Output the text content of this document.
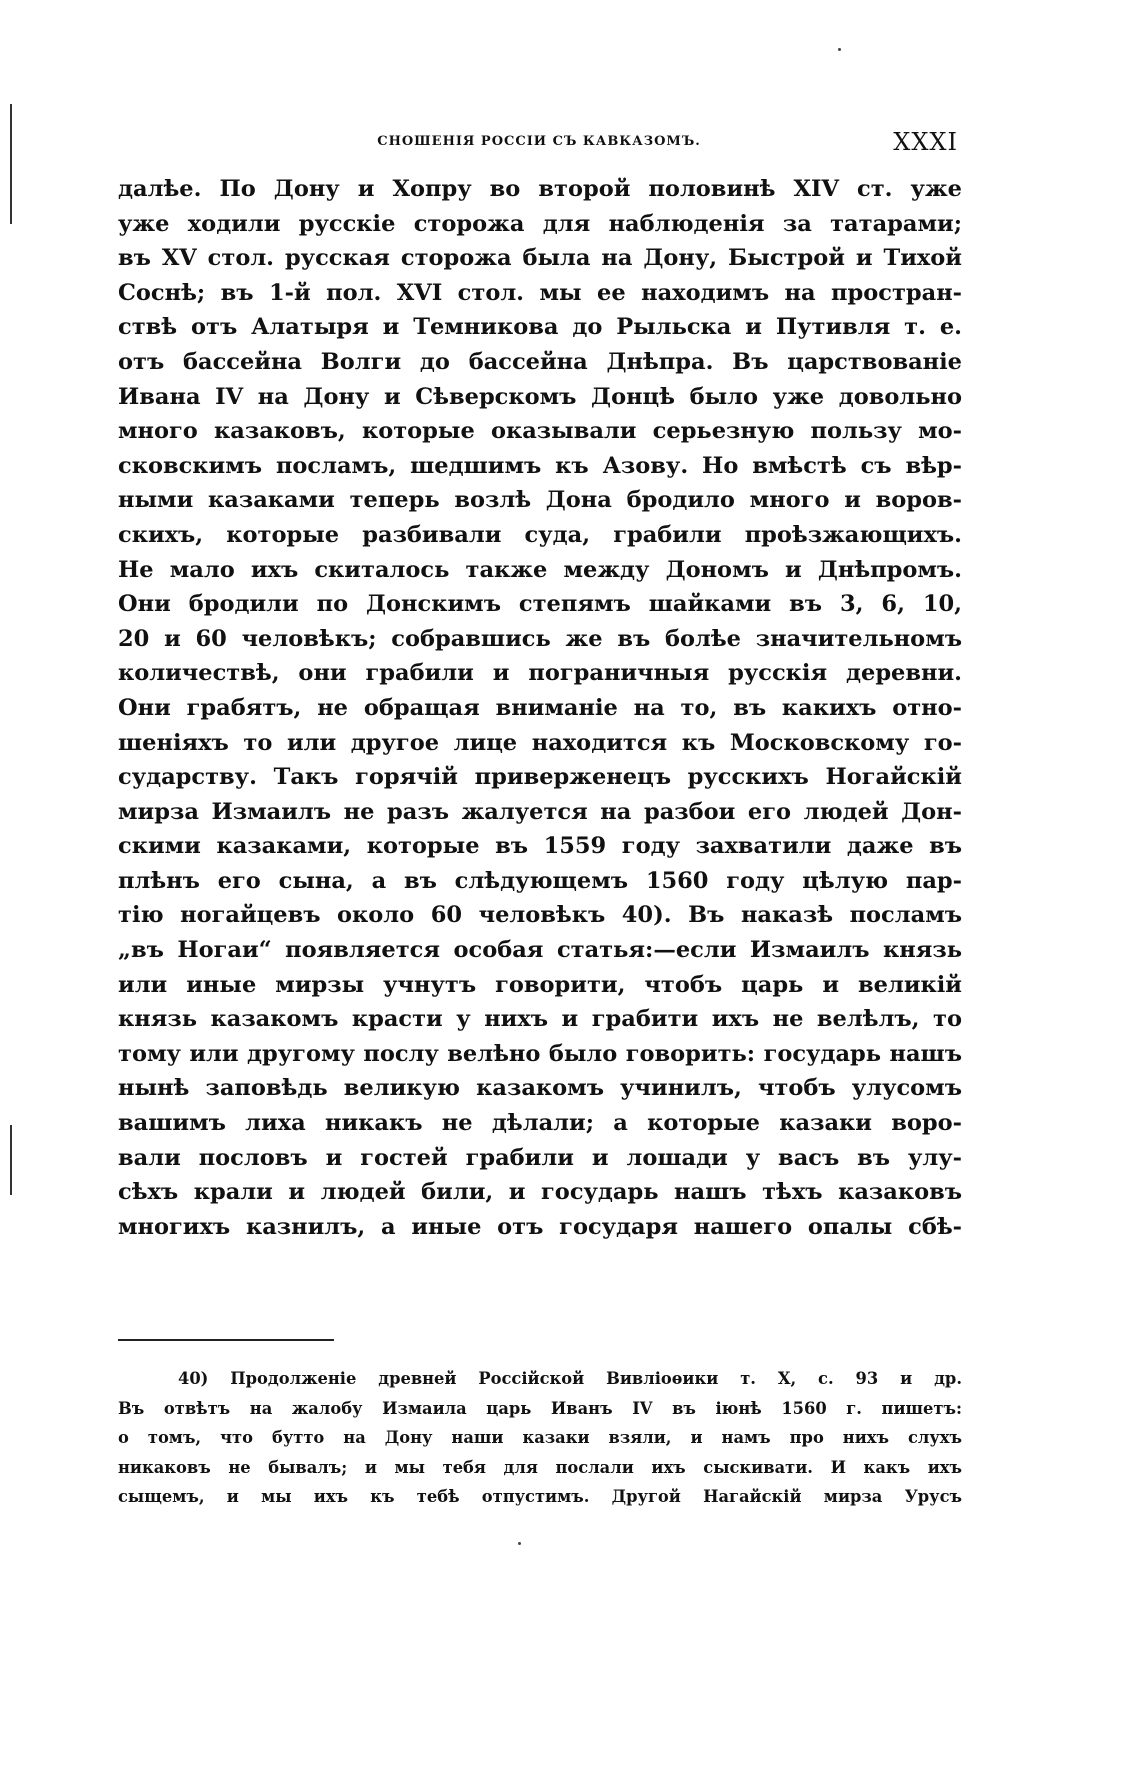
СНОШЕНІЯ РОССІИ СЪ КАВКАЗОМЪ.	XXXI
далѣе. По Дону и Хопру во второй половинѣ XIV ст. уже
уже ходили русскіе сторожа для наблюденія за татарами;
въ XV стол. русская сторожа была на Дону, Быстрой и Тихой
Соснѣ; въ 1-й пол. XVI стол. мы ее находимъ на простран-
ствѣ отъ Алатыря и Темникова до Рыльска и Путивля т. е.
отъ бассейна Волги до бассейна Днѣпра. Въ царствованіе
Ивана IV на Дону и Сѣверскомъ Донцѣ было уже довольно
много казаковъ, которые оказывали серьезную пользу мо-
сковскимъ посламъ, шедшимъ къ Азову. Но вмѣстѣ съ вѣр-
ными казаками теперь возлѣ Дона бродило много и воров-
скихъ, которые разбивали суда, грабили проѣзжающихъ.
Не мало ихъ скиталось также между Дономъ и Днѣпромъ.
Они бродили по Донскимъ степямъ шайками въ 3, 6, 10,
20 и 60 человѣкъ; собравшись же въ болѣе значительномъ
количествѣ, они грабили и пограничныя русскія деревни.
Они грабятъ, не обращая вниманіе на то, въ какихъ отно-
шеніяхъ то или другое лице находится къ Московскому го-
сударству. Такъ горячій приверженецъ русскихъ Ногайскій
мирза Измаилъ не разъ жалуется на разбои его людей Дон-
скими казаками, которые въ 1559 году захватили даже въ
плѣнъ его сына, а въ слѣдующемъ 1560 году цѣлую пар-
тію ногайцевъ около 60 человѣкъ 40). Въ наказѣ посламъ
„въ Ногаи“ появляется особая статья:—если Измаилъ князь
или иные мирзы учнутъ говорити, чтобъ царь и великій
князь казакомъ красти у нихъ и грабити ихъ не велѣлъ, то
тому или другому послу велѣно было говорить: государь нашъ
нынѣ заповѣдь великую казакомъ учинилъ, чтобъ улусомъ
вашимъ лиха никакъ не дѣлали; а которые казаки воро-
вали пословъ и гостей грабили и лошади у васъ въ улу-
сѣхъ крали и людей били, и государь нашъ тѣхъ казаковъ
многихъ казнилъ, а иные отъ государя нашего опалы сбѣ-
40) Продолженіе древней Россійской Вивліоѳики т. X, с. 93 и др.
Въ отвѣтъ на жалобу Измаила царь Иванъ IV въ іюнѣ 1560 г. пишетъ:
о томъ, что бутто на Дону наши казаки взяли, и намъ про нихъ слухъ
никаковъ не бывалъ; и мы тебя для послали ихъ сыскивати. И какъ ихъ
сыщемъ, и мы ихъ къ тебѣ отпустимъ. Другой Нагайскій мирза Урусъ
